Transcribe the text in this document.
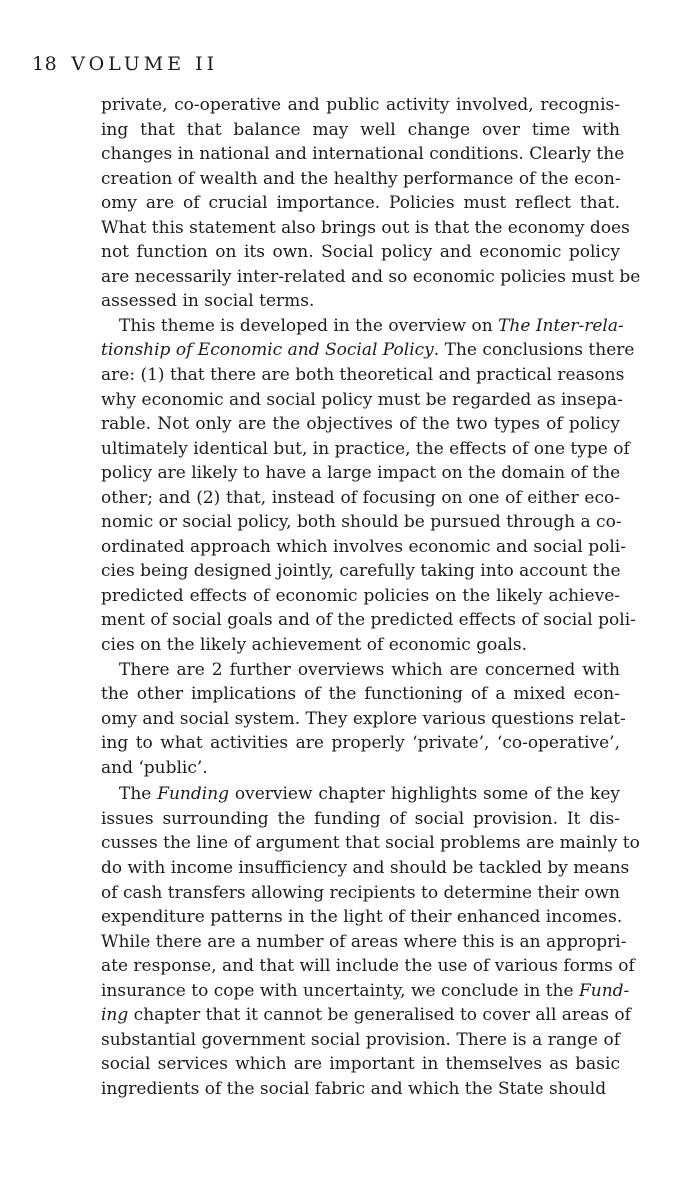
18 VOLUME II
private, co-operative and public activity involved, recognis-
ing that that balance may well change over time with
changes in national and international conditions. Clearly the
creation of wealth and the healthy performance of the econ-
omy are of crucial importance. Policies must reflect that.
What this statement also brings out is that the economy does
not function on its own. Social policy and economic policy
are necessarily inter-related and so economic policies must be
assessed in social terms.
This theme is developed in the overview on The Inter-rela-
tionship of Economic and Social Policy. The conclusions there
are: (1) that there are both theoretical and practical reasons
why economic and social policy must be regarded as insepa-
rable. Not only are the objectives of the two types of policy
ultimately identical but, in practice, the effects of one type of
policy are likely to have a large impact on the domain of the
other; and (2) that, instead of focusing on one of either eco-
nomic or social policy, both should be pursued through a co-
ordinated approach which involves economic and social poli-
cies being designed jointly, carefully taking into account the
predicted effects of economic policies on the likely achieve-
ment of social goals and of the predicted effects of social poli-
cies on the likely achievement of economic goals.
There are 2 further overviews which are concerned with
the other implications of the functioning of a mixed econ-
omy and social system. They explore various questions relat-
ing to what activities are properly ‘private’, ‘co-operative’,
and ‘public’.
The Funding overview chapter highlights some of the key
issues surrounding the funding of social provision. It dis-
cusses the line of argument that social problems are mainly to
do with income insufficiency and should be tackled by means
of cash transfers allowing recipients to determine their own
expenditure patterns in the light of their enhanced incomes.
While there are a number of areas where this is an appropri-
ate response, and that will include the use of various forms of
insurance to cope with uncertainty, we conclude in the Fund-
ing chapter that it cannot be generalised to cover all areas of
substantial government social provision. There is a range of
social services which are important in themselves as basic
ingredients of the social fabric and which the State should
